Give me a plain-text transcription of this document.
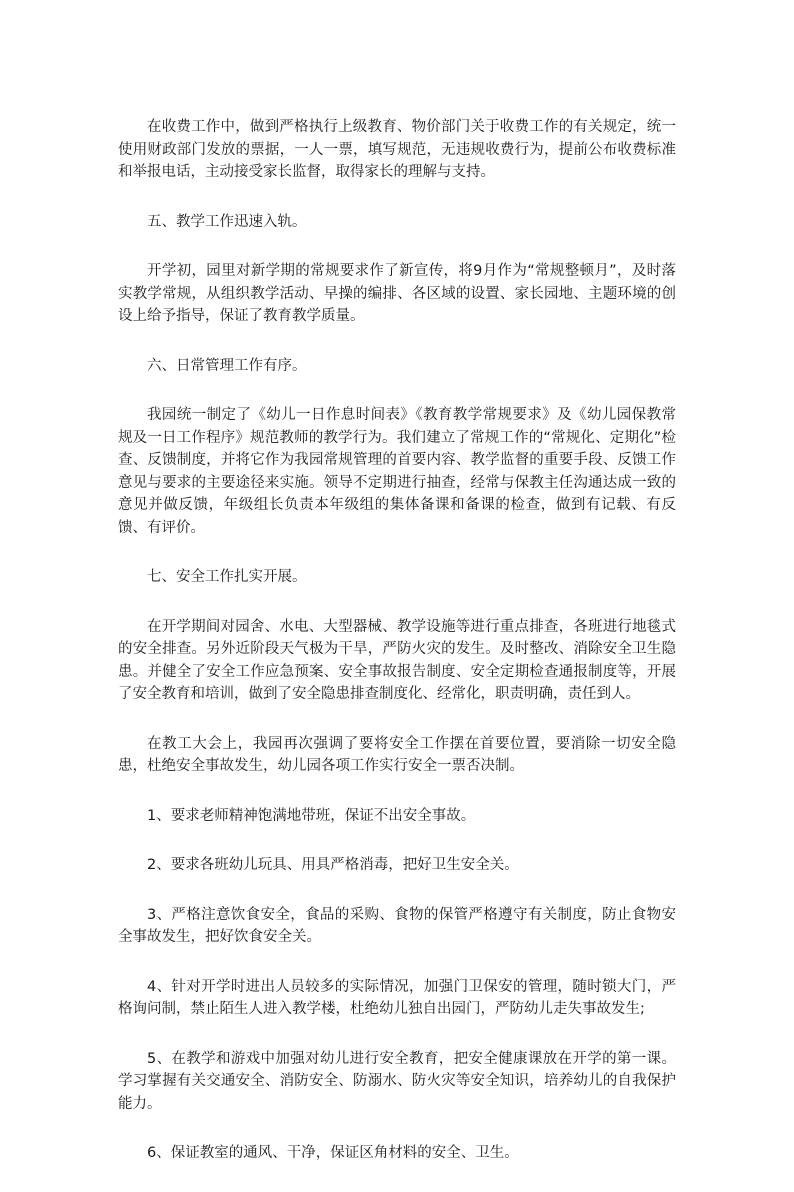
在收费工作中，做到严格执行上级教育、物价部门关于收费工作的有关规定，统一使用财政部门发放的票据，一人一票，填写规范，无违规收费行为，提前公布收费标准和举报电话，主动接受家长监督，取得家长的理解与支持。

五、教学工作迅速入轨。

开学初，园里对新学期的常规要求作了新宣传，将9月作为“常规整顿月”，及时落实教学常规，从组织教学活动、早操的编排、各区域的设置、家长园地、主题环境的创设上给予指导，保证了教育教学质量。

六、日常管理工作有序。

我园统一制定了《幼儿一日作息时间表》《教育教学常规要求》及《幼儿园保教常规及一日工作程序》规范教师的教学行为。我们建立了常规工作的“常规化、定期化”检查、反馈制度，并将它作为我园常规管理的首要内容、教学监督的重要手段、反馈工作意见与要求的主要途径来实施。领导不定期进行抽查，经常与保教主任沟通达成一致的意见并做反馈，年级组长负责本年级组的集体备课和备课的检查，做到有记载、有反馈、有评价。

七、安全工作扎实开展。

在开学期间对园舍、水电、大型器械、教学设施等进行重点排查，各班进行地毯式的安全排查。另外近阶段天气极为干旱，严防火灾的发生。及时整改、消除安全卫生隐患。并健全了安全工作应急预案、安全事故报告制度、安全定期检查通报制度等，开展了安全教育和培训，做到了安全隐患排查制度化、经常化，职责明确，责任到人。

在教工大会上，我园再次强调了要将安全工作摆在首要位置，要消除一切安全隐患，杜绝安全事故发生，幼儿园各项工作实行安全一票否决制。

1、要求老师精神饱满地带班，保证不出安全事故。

2、要求各班幼儿玩具、用具严格消毒，把好卫生安全关。

3、严格注意饮食安全，食品的采购、食物的保管严格遵守有关制度，防止食物安全事故发生，把好饮食安全关。

4、针对开学时进出人员较多的实际情况，加强门卫保安的管理，随时锁大门，严格询问制，禁止陌生人进入教学楼，杜绝幼儿独自出园门，严防幼儿走失事故发生;

5、在教学和游戏中加强对幼儿进行安全教育，把安全健康课放在开学的第一课。学习掌握有关交通安全、消防安全、防溺水、防火灾等安全知识，培养幼儿的自我保护能力。

6、保证教室的通风、干净，保证区角材料的安全、卫生。
